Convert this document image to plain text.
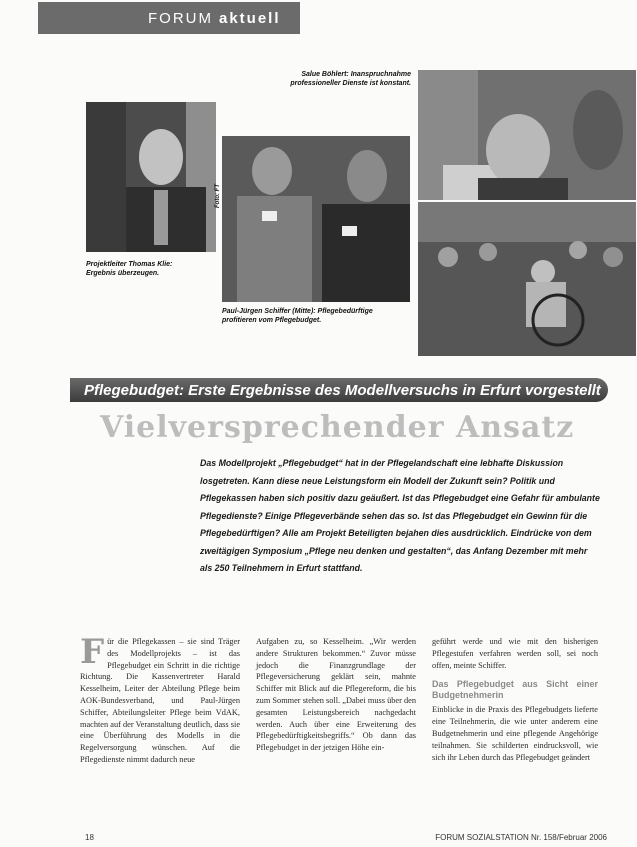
FORUM aktuell
Foto: FT
Salue Böhlert: Inanspruchnahme
professioneller Dienste ist konstant.
Projektleiter Thomas Klie:
Ergebnis überzeugen.
Paul-Jürgen Schiffer (Mitte): Pflegebedürftige
profitieren vom Pflegebudget.
Pflegebudget: Erste Ergebnisse des Modellversuchs in Erfurt vorgestellt
Vielversprechender Ansatz
Das Modellprojekt „Pflegebudget“ hat in der Pflegelandschaft eine lebhafte Diskussion losgetreten. Kann diese neue Leistungsform ein Modell der Zukunft sein? Politik und Pflegekassen haben sich positiv dazu geäußert. Ist das Pflegebudget eine Gefahr für ambulante Pflegedienste? Einige Pflegeverbände sehen das so. Ist das Pflegebudget ein Gewinn für die Pflegebedürftigen? Alle am Projekt Beteiligten bejahen dies ausdrücklich. Eindrücke von dem zweitägigen Symposium „Pflege neu denken und gestalten“, das Anfang Dezember mit mehr als 250 Teilnehmern in Erfurt stattfand.

Für die Pflegekassen – sie sind Träger des Modellprojekts – ist das Pflegebudget ein Schritt in die richtige Richtung. Die Kassenvertreter Harald Kesselheim, Leiter der Abteilung Pflege beim AOK-Bundesverband, und Paul-Jürgen Schiffer, Abteilungsleiter Pflege beim VdAK, machten auf der Veranstaltung deutlich, dass sie eine Überführung des Modells in die Regelversorgung wünschen. Auf die Pflegedienste nimmt dadurch neue

Aufgaben zu, so Kesselheim. „Wir werden andere Strukturen bekommen.“ Zuvor müsse jedoch die Finanzgrundlage der Pflegeversicherung geklärt sein, mahnte Schiffer mit Blick auf die Pflegereform, die bis zum Sommer stehen soll. „Dabei muss über den gesamten Leistungsbereich nachgedacht werden. Auch über eine Erweiterung des Pflegebedürftigkeitsbegriffs.“ Ob dann das Pflegebudget in der jetzigen Höhe ein-

geführt werde und wie mit den bisherigen Pflegestufen verfahren werden soll, sei noch offen, meinte Schiffer.

Das Pflegebudget aus Sicht einer Budgetnehmerin

Einblicke in die Praxis des Pflegebudgets lieferte eine Teilnehmerin, die wie unter anderem eine Budgetnehmerin und eine pflegende Angehörige teilnahmen. Sie schilderten eindrucksvoll, wie sich ihr Leben durch das Pflegebudget geändert

18	FORUM SOZIALSTATION Nr. 158/Februar 2006
